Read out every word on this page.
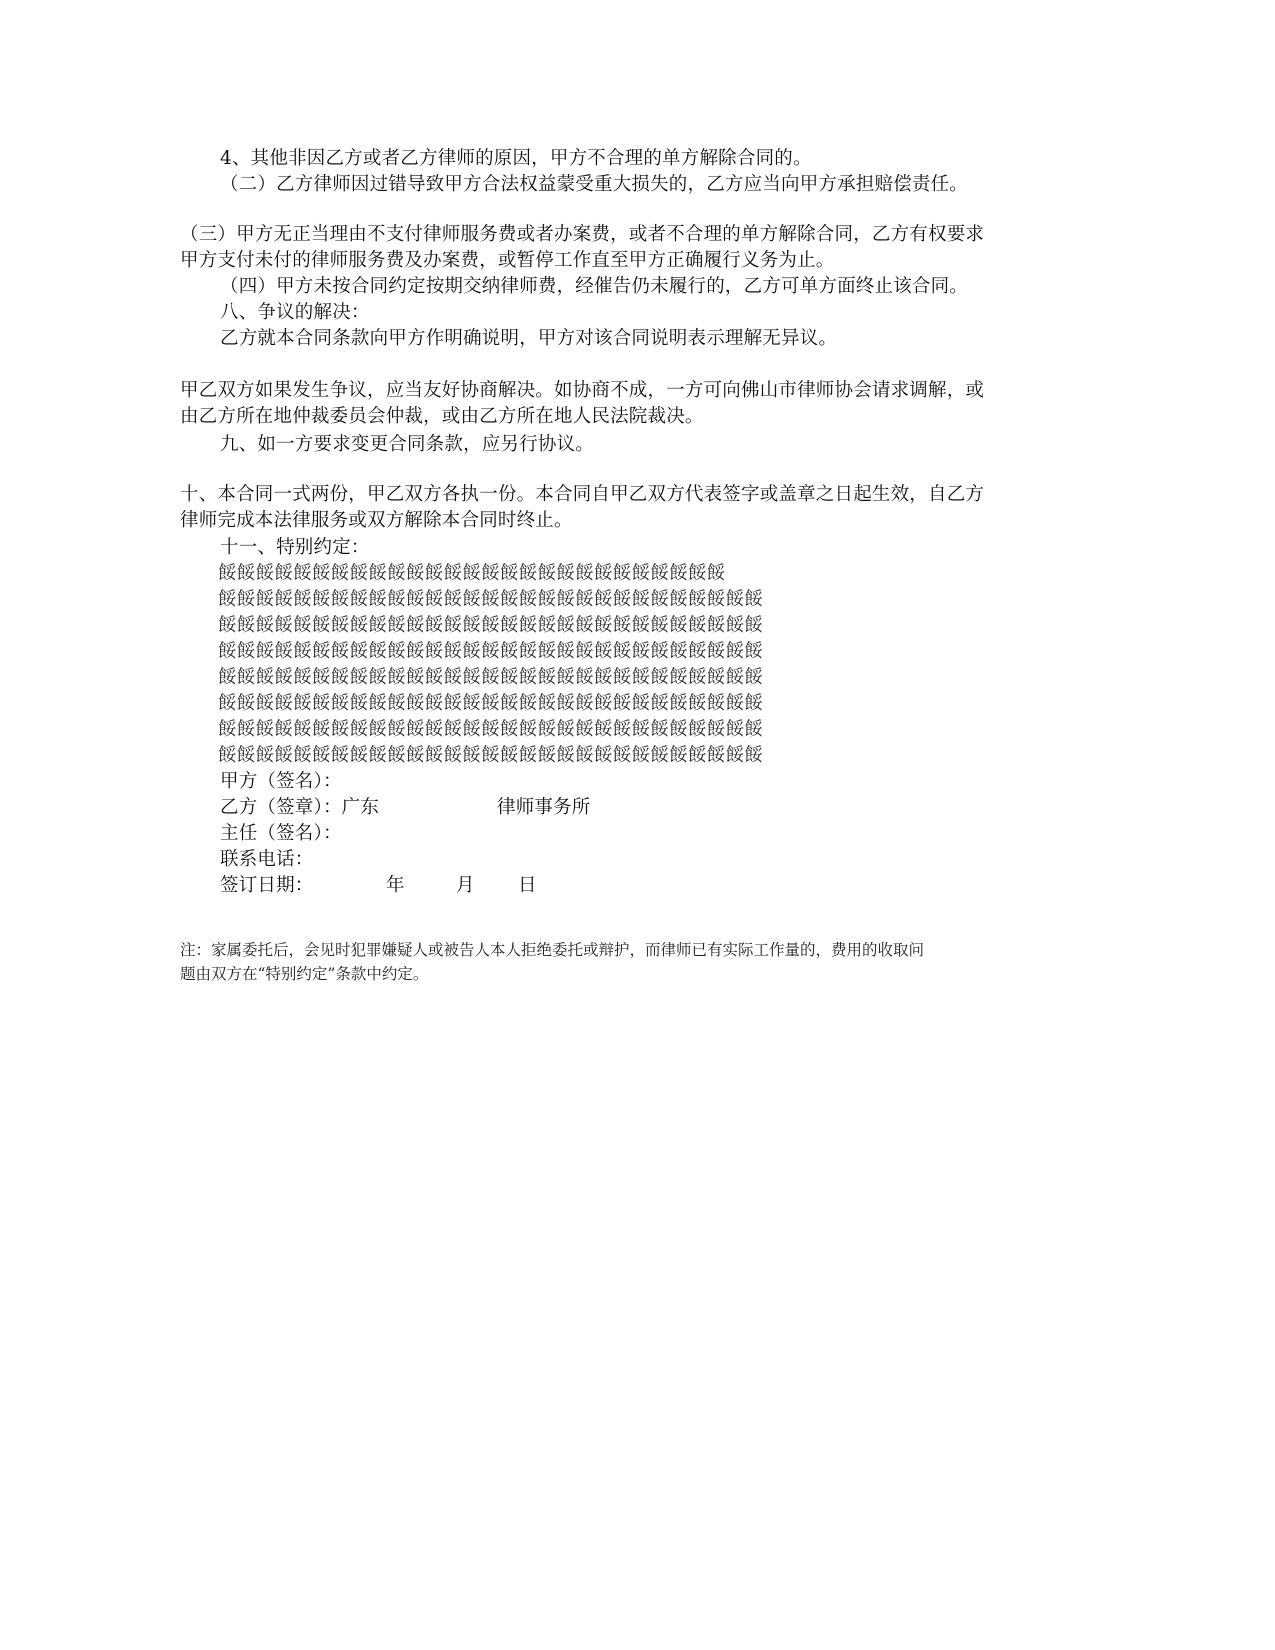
4、其他非因乙方或者乙方律师的原因，甲方不合理的单方解除合同的。
（二）乙方律师因过错导致甲方合法权益蒙受重大损失的，乙方应当向甲方承担赔偿责任。
（三）甲方无正当理由不支付律师服务费或者办案费，或者不合理的单方解除合同，乙方有权要求
甲方支付未付的律师服务费及办案费，或暂停工作直至甲方正确履行义务为止。
（四）甲方未按合同约定按期交纳律师费，经催告仍未履行的，乙方可单方面终止该合同。
八、争议的解决：
乙方就本合同条款向甲方作明确说明，甲方对该合同说明表示理解无异议。
甲乙双方如果发生争议，应当友好协商解决。如协商不成，一方可向佛山市律师协会请求调解，或
由乙方所在地仲裁委员会仲裁，或由乙方所在地人民法院裁决。
九、如一方要求变更合同条款，应另行协议。
十、本合同一式两份，甲乙双方各执一份。本合同自甲乙双方代表签字或盖章之日起生效，自乙方
律师完成本法律服务或双方解除本合同时终止。
十一、特别约定：
餒餒餒餒餒餒餒餒餒餒餒餒餒餒餒餒餒餒餒餒餒餒餒餒餒餒餒
餒餒餒餒餒餒餒餒餒餒餒餒餒餒餒餒餒餒餒餒餒餒餒餒餒餒餒餒餒
餒餒餒餒餒餒餒餒餒餒餒餒餒餒餒餒餒餒餒餒餒餒餒餒餒餒餒餒餒
餒餒餒餒餒餒餒餒餒餒餒餒餒餒餒餒餒餒餒餒餒餒餒餒餒餒餒餒餒
餒餒餒餒餒餒餒餒餒餒餒餒餒餒餒餒餒餒餒餒餒餒餒餒餒餒餒餒餒
餒餒餒餒餒餒餒餒餒餒餒餒餒餒餒餒餒餒餒餒餒餒餒餒餒餒餒餒餒
餒餒餒餒餒餒餒餒餒餒餒餒餒餒餒餒餒餒餒餒餒餒餒餒餒餒餒餒餒
餒餒餒餒餒餒餒餒餒餒餒餒餒餒餒餒餒餒餒餒餒餒餒餒餒餒餒餒餒
甲方（签名）：
乙方（签章）：广东	律师事务所
主任（签名）：
联系电话：
签订日期：	年	月 日
注：家属委托后，会见时犯罪嫌疑人或被告人本人拒绝委托或辩护，而律师已有实际工作量的，费用的收取问
题由双方在“特别约定”条款中约定。
